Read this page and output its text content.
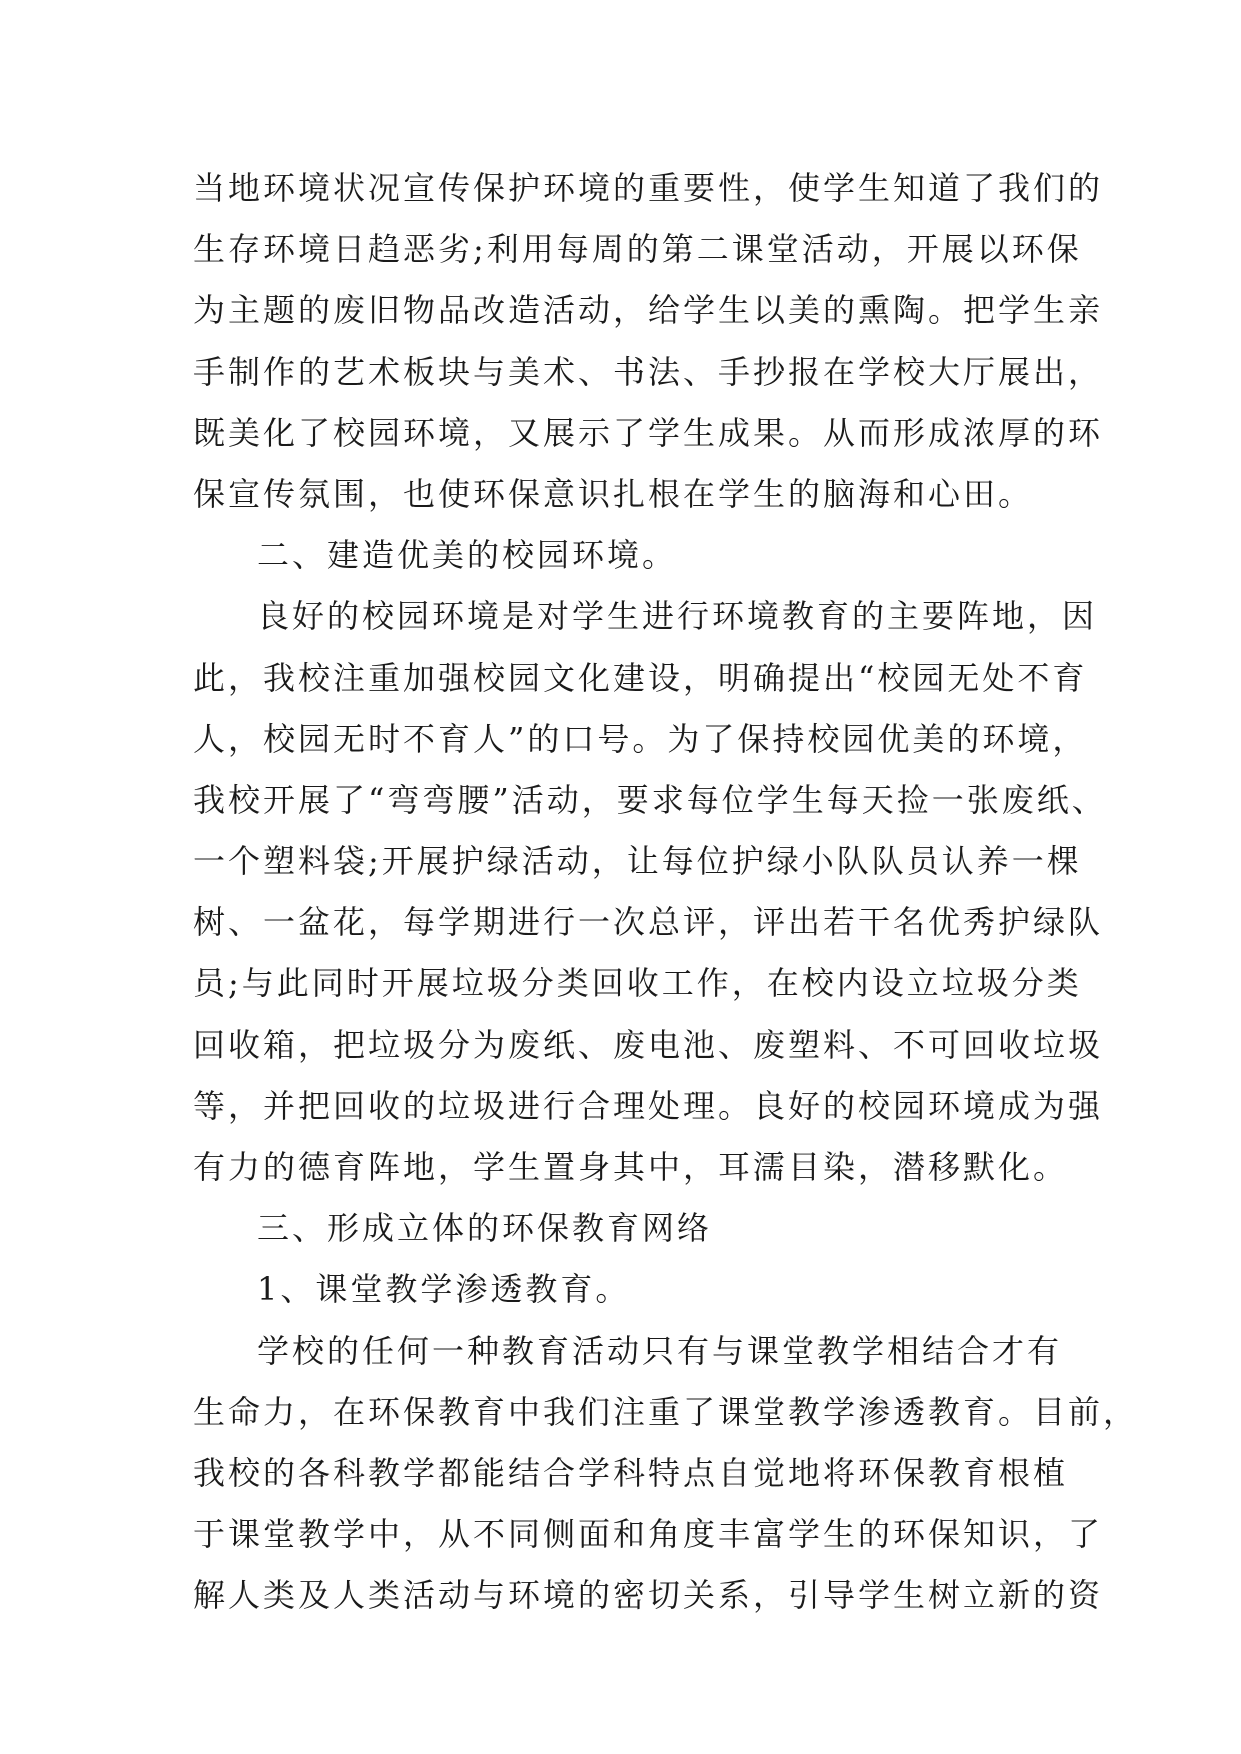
当地环境状况宣传保护环境的重要性，使学生知道了我们的
生存环境日趋恶劣;利用每周的第二课堂活动，开展以环保
为主题的废旧物品改造活动，给学生以美的熏陶。把学生亲
手制作的艺术板块与美术、书法、手抄报在学校大厅展出，
既美化了校园环境，又展示了学生成果。从而形成浓厚的环
保宣传氛围，也使环保意识扎根在学生的脑海和心田。
二、建造优美的校园环境。
良好的校园环境是对学生进行环境教育的主要阵地，因
此，我校注重加强校园文化建设，明确提出“校园无处不育
人，校园无时不育人”的口号。为了保持校园优美的环境，
我校开展了“弯弯腰”活动，要求每位学生每天捡一张废纸、
一个塑料袋;开展护绿活动，让每位护绿小队队员认养一棵
树、一盆花，每学期进行一次总评，评出若干名优秀护绿队
员;与此同时开展垃圾分类回收工作，在校内设立垃圾分类
回收箱，把垃圾分为废纸、废电池、废塑料、不可回收垃圾
等，并把回收的垃圾进行合理处理。良好的校园环境成为强
有力的德育阵地，学生置身其中，耳濡目染，潜移默化。
三、形成立体的环保教育网络
1、课堂教学渗透教育。
学校的任何一种教育活动只有与课堂教学相结合才有
生命力，在环保教育中我们注重了课堂教学渗透教育。目前，
我校的各科教学都能结合学科特点自觉地将环保教育根植
于课堂教学中，从不同侧面和角度丰富学生的环保知识，了
解人类及人类活动与环境的密切关系，引导学生树立新的资
